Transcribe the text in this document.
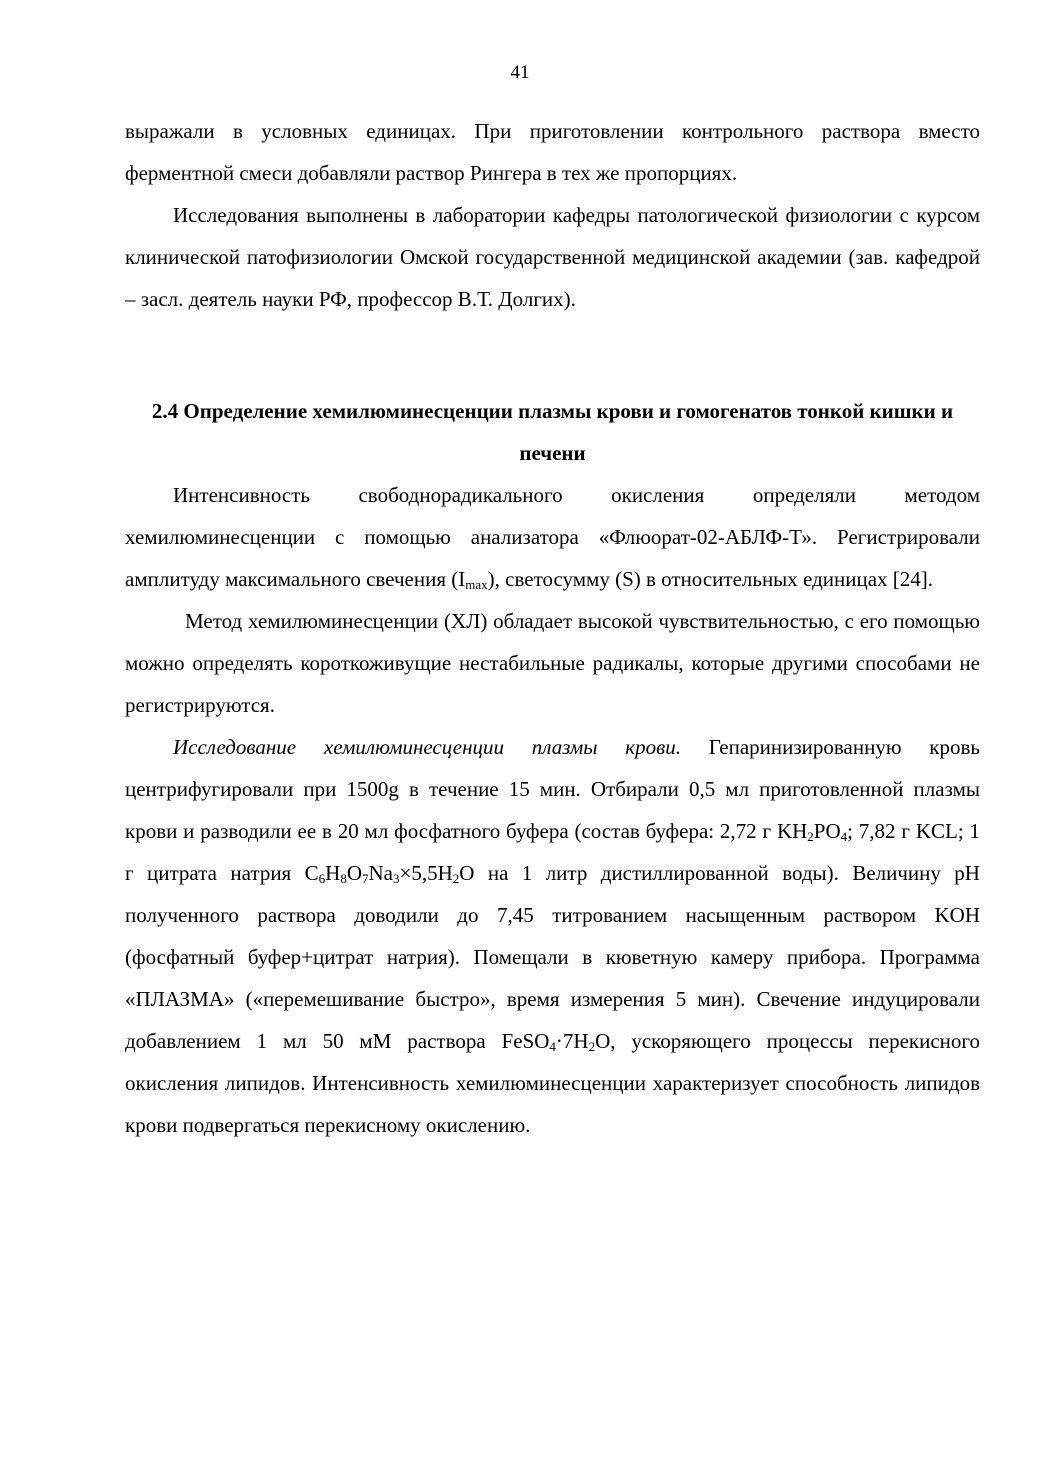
41

выражали в условных единицах. При приготовлении контрольного раствора вместо ферментной смеси добавляли раствор Рингера в тех же пропорциях.

Исследования выполнены в лаборатории кафедры патологической физиологии с курсом клинической патофизиологии Омской государственной медицинской академии (зав. кафедрой – засл. деятель науки РФ, профессор В.Т. Долгих).

2.4 Определение хемилюминесценции плазмы крови и гомогенатов тонкой кишки и печени

Интенсивность свободнорадикального окисления определяли методом хемилюминесценции с помощью анализатора «Флюорат-02-АБЛФ-Т». Регистрировали амплитуду максимального свечения $(I_{max})$, светосумму (S) в относительных единицах [24].

Метод хемилюминесценции (ХЛ) обладает высокой чувствительностью, с его помощью можно определять короткоживущие нестабильные радикалы, которые другими способами не регистрируются.

Исследование хемилюминесценции плазмы крови. Гепаринизированную кровь центрифугировали при 1500g в течение 15 мин. Отбирали 0,5 мл приготовленной плазмы крови и разводили ее в 20 мл фосфатного буфера (состав буфера: 2,72 г $KH_2PO_4$; 7,82 г KCL; 1 г цитрата натрия $C_6H_8O_7Na_3\times 5,5H_2O$ на 1 литр дистиллированной воды). Величину pH полученного раствора доводили до 7,45 титрованием насыщенным раствором KOH (фосфатный буфер+цитрат натрия). Помещали в кюветную камеру прибора. Программа «ПЛАЗМА» («перемешивание быстро», время измерения 5 мин). Свечение индуцировали добавлением 1 мл 50 мМ раствора $FeSO_4\cdot 7H_2O$, ускоряющего процессы перекисного окисления липидов. Интенсивность хемилюминесценции характеризует способность липидов крови подвергаться перекисному окислению.
